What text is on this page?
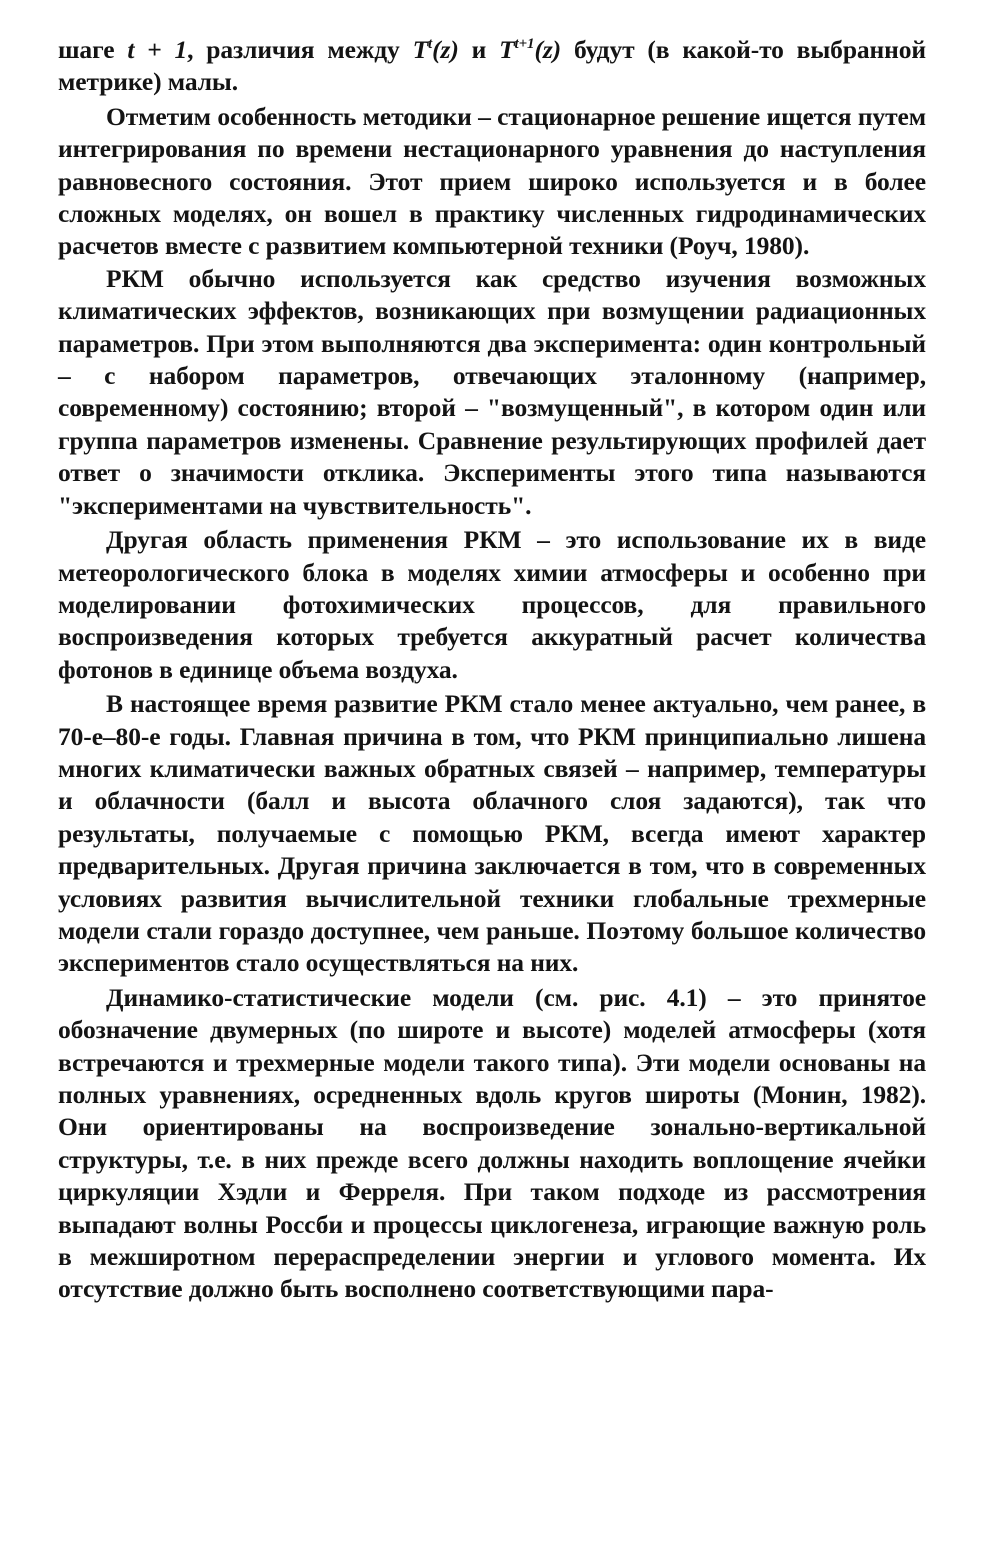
шаге t + 1, различия между $T^t(z)$ и $T^{t+1}(z)$ будут (в какой-то выбранной метрике) малы.

Отметим особенность методики – стационарное решение ищется путем интегрирования по времени нестационарного уравнения до наступления равновесного состояния. Этот прием широко используется и в более сложных моделях, он вошел в практику численных гидродинамических расчетов вместе с развитием компьютерной техники (Роуч, 1980).

РКМ обычно используется как средство изучения возможных климатических эффектов, возникающих при возмущении радиационных параметров. При этом выполняются два эксперимента: один контрольный – с набором параметров, отвечающих эталонному (например, современному) состоянию; второй – "возмущенный", в котором один или группа параметров изменены. Сравнение результирующих профилей дает ответ о значимости отклика. Эксперименты этого типа называются "экспериментами на чувствительность".

Другая область применения РКМ – это использование их в виде метеорологического блока в моделях химии атмосферы и особенно при моделировании фотохимических процессов, для правильного воспроизведения которых требуется аккуратный расчет количества фотонов в единице объема воздуха.

В настоящее время развитие РКМ стало менее актуально, чем ранее, в 70-е–80-е годы. Главная причина в том, что РКМ принципиально лишена многих климатически важных обратных связей – например, температуры и облачности (балл и высота облачного слоя задаются), так что результаты, получаемые с помощью РКМ, всегда имеют характер предварительных. Другая причина заключается в том, что в современных условиях развития вычислительной техники глобальные трехмерные модели стали гораздо доступнее, чем раньше. Поэтому большое количество экспериментов стало осуществляться на них.

Динамико-статистические модели (см. рис. 4.1) – это принятое обозначение двумерных (по широте и высоте) моделей атмосферы (хотя встречаются и трехмерные модели такого типа). Эти модели основаны на полных уравнениях, осредненных вдоль кругов широты (Монин, 1982). Они ориентированы на воспроизведение зонально-вертикальной структуры, т.е. в них прежде всего должны находить воплощение ячейки циркуляции Хэдли и Ферреля. При таком подходе из рассмотрения выпадают волны Россби и процессы циклогенеза, играющие важную роль в межширотном перераспределении энергии и углового момента. Их отсутствие должно быть восполнено соответствующими пара-
